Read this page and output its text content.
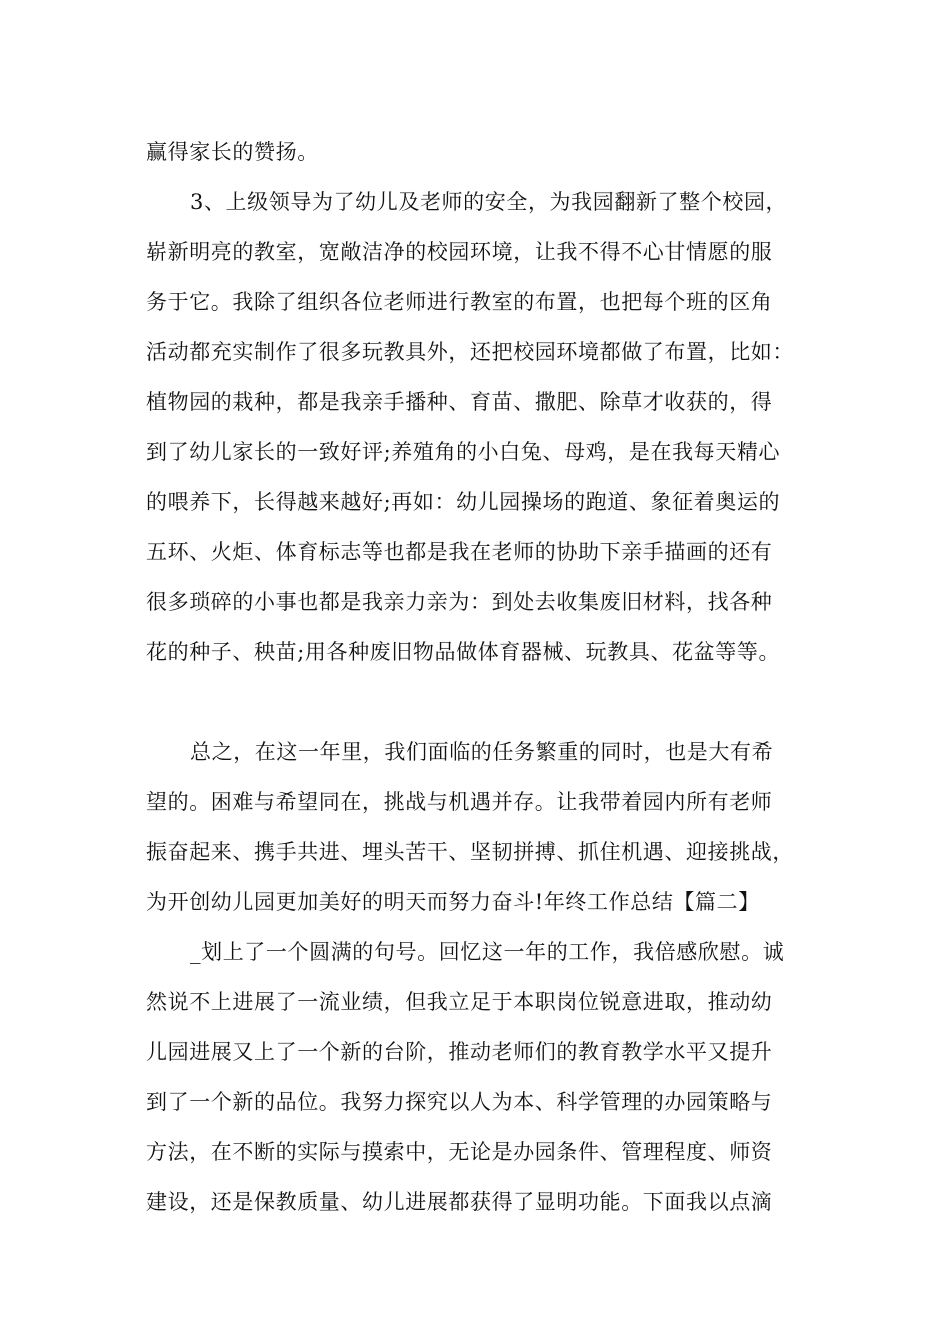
赢得家长的赞扬。
3、上级领导为了幼儿及老师的安全，为我园翻新了整个校园，
崭新明亮的教室，宽敞洁净的校园环境，让我不得不心甘情愿的服
务于它。我除了组织各位老师进行教室的布置，也把每个班的区角
活动都充实制作了很多玩教具外，还把校园环境都做了布置，比如：
植物园的栽种，都是我亲手播种、育苗、撒肥、除草才收获的，得
到了幼儿家长的一致好评;养殖角的小白兔、母鸡，是在我每天精心
的喂养下，长得越来越好;再如：幼儿园操场的跑道、象征着奥运的
五环、火炬、体育标志等也都是我在老师的协助下亲手描画的还有
很多琐碎的小事也都是我亲力亲为：到处去收集废旧材料，找各种
花的种子、秧苗;用各种废旧物品做体育器械、玩教具、花盆等等。
总之，在这一年里，我们面临的任务繁重的同时，也是大有希
望的。困难与希望同在，挑战与机遇并存。让我带着园内所有老师
振奋起来、携手共进、埋头苦干、坚韧拼搏、抓住机遇、迎接挑战，
为开创幼儿园更加美好的明天而努力奋斗!年终工作总结【篇二】
_划上了一个圆满的句号。回忆这一年的工作，我倍感欣慰。诚
然说不上进展了一流业绩，但我立足于本职岗位锐意进取，推动幼
儿园进展又上了一个新的台阶，推动老师们的教育教学水平又提升
到了一个新的品位。我努力探究以人为本、科学管理的办园策略与
方法，在不断的实际与摸索中，无论是办园条件、管理程度、师资
建设，还是保教质量、幼儿进展都获得了显明功能。下面我以点滴
